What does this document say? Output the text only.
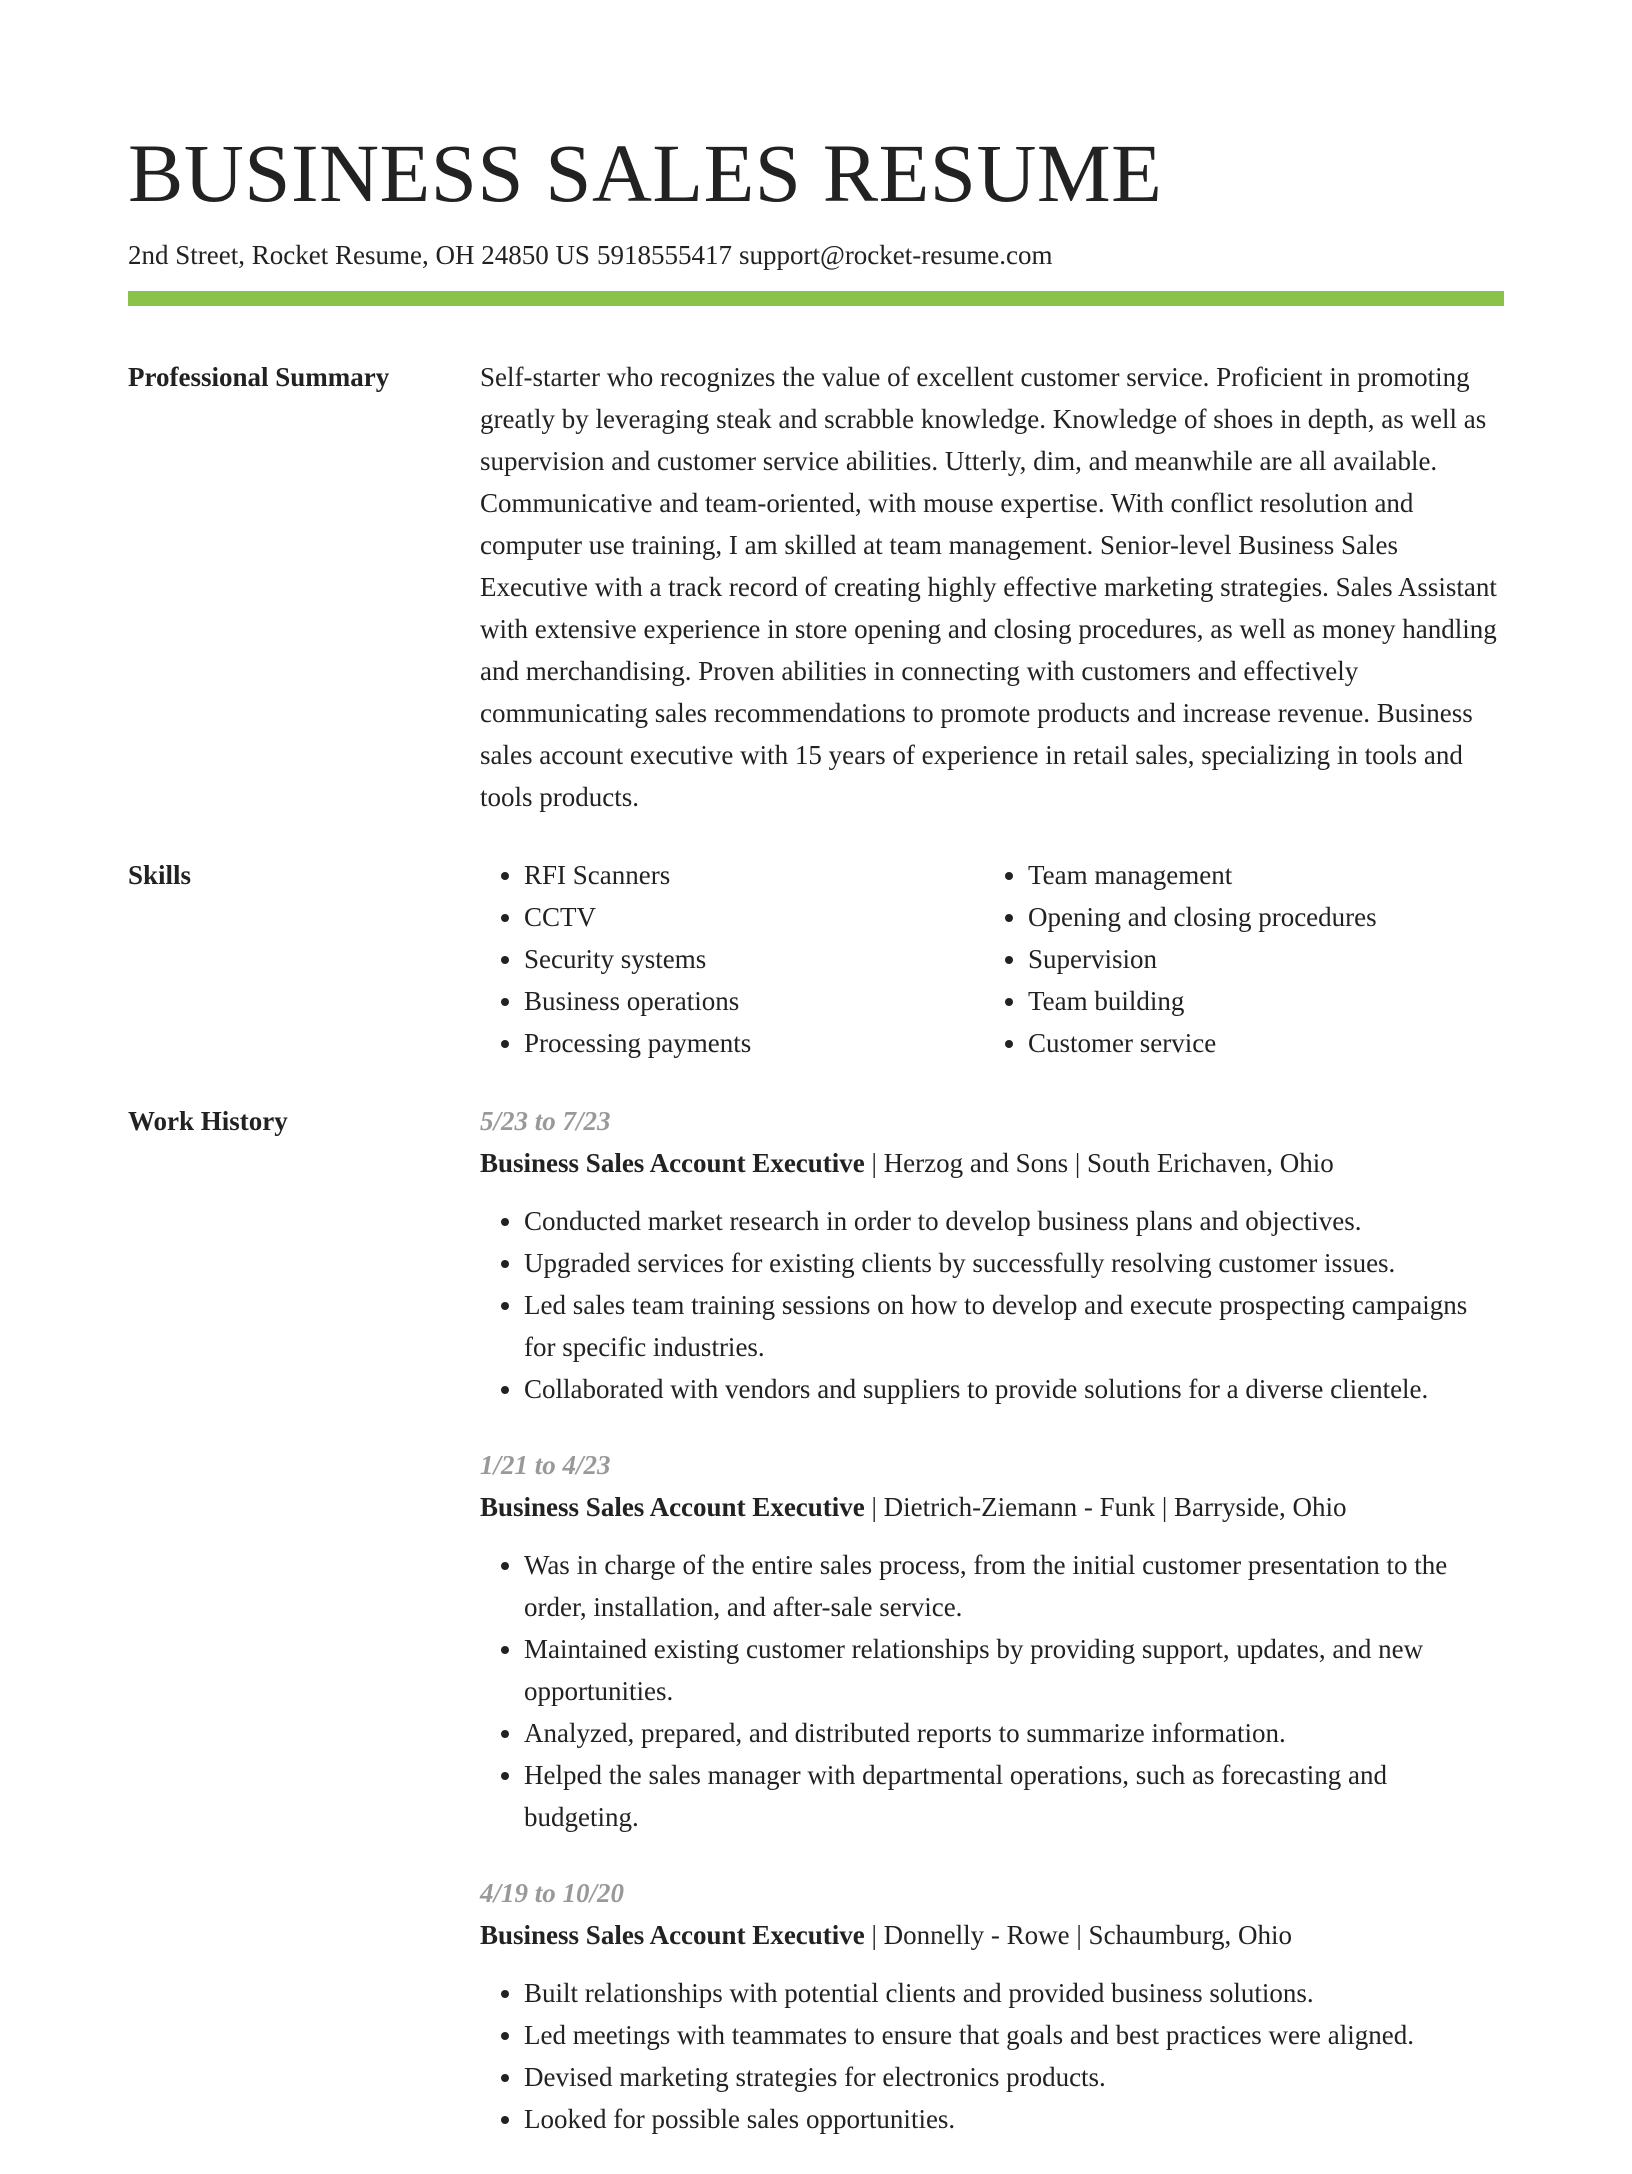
BUSINESS SALES RESUME
2nd Street, Rocket Resume, OH 24850 US 5918555417 support@rocket-resume.com
Professional Summary	Self-starter who recognizes the value of excellent customer service. Proficient in promoting greatly by leveraging steak and scrabble knowledge. Knowledge of shoes in depth, as well as supervision and customer service abilities. Utterly, dim, and meanwhile are all available. Communicative and team-oriented, with mouse expertise. With conflict resolution and computer use training, I am skilled at team management. Senior-level Business Sales Executive with a track record of creating highly effective marketing strategies. Sales Assistant with extensive experience in store opening and closing procedures, as well as money handling and merchandising. Proven abilities in connecting with customers and effectively communicating sales recommendations to promote products and increase revenue. Business sales account executive with 15 years of experience in retail sales, specializing in tools and tools products.

Skills
•	RFI Scanners
• CCTV
• Security systems
• Business operations
• Processing payments
• Team management
• Opening and closing procedures
• Supervision
• Team building
• Customer service
Work History	5/23 to 7/23
Business Sales Account Executive | Herzog and Sons | South Erichaven, Ohio
• Conducted market research in order to develop business plans and objectives.
• Upgraded services for existing clients by successfully resolving customer issues.
• Led sales team training sessions on how to develop and execute prospecting campaigns for specific industries.
• Collaborated with vendors and suppliers to provide solutions for a diverse clientele.
1/21 to 4/23
Business Sales Account Executive | Dietrich-Ziemann - Funk | Barryside, Ohio
• Was in charge of the entire sales process, from the initial customer presentation to the order, installation, and after-sale service.
• Maintained existing customer relationships by providing support, updates, and new opportunities.
• Analyzed, prepared, and distributed reports to summarize information.
• Helped the sales manager with departmental operations, such as forecasting and budgeting.
4/19 to 10/20
Business Sales Account Executive | Donnelly - Rowe | Schaumburg, Ohio
• Built relationships with potential clients and provided business solutions.
• Led meetings with teammates to ensure that goals and best practices were aligned.
• Devised marketing strategies for electronics products.
• Looked for possible sales opportunities.
